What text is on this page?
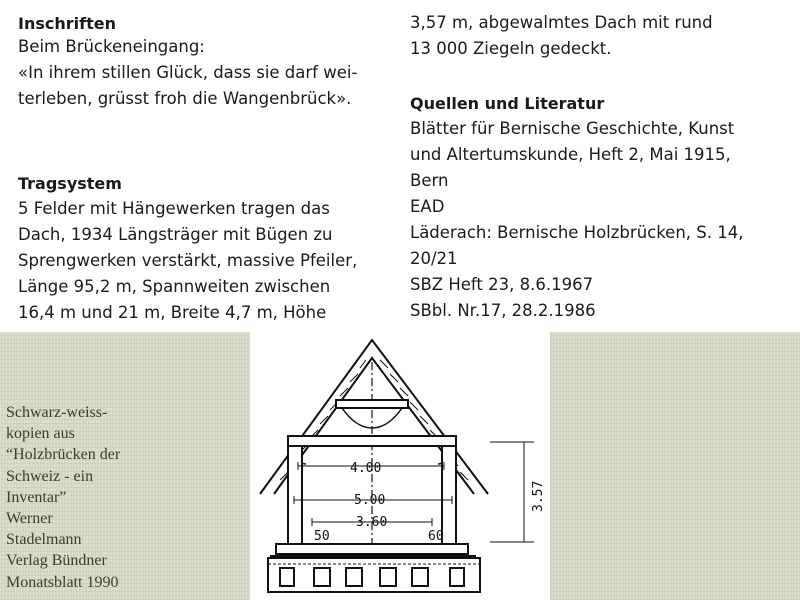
Inschriften

Beim Brückeneingang:
«In ihrem stillen Glück, dass sie darf wei-
terleben, grüsst froh die Wangenbrück».

Tragsystem

5 Felder mit Hängewerken tragen das
Dach, 1934 Längsträger mit Bügen zu
Sprengwerken verstärkt, massive Pfeiler,
Länge 95,2 m, Spannweiten zwischen
16,4 m und 21 m, Breite 4,7 m, Höhe
3,57 m, abgewalmtes Dach mit rund
13 000 Ziegeln gedeckt.

Quellen und Literatur

Blätter für Bernische Geschichte, Kunst
und Altertumskunde, Heft 2, Mai 1915,
Bern
EAD
Läderach: Bernische Holzbrücken, S. 14,
20/21
SBZ Heft 23, 8.6.1967
SBbl. Nr.17, 28.2.1986
Schwarz-weiss-
kopien aus
“Holzbrücken der
Schweiz - ein
Inventar”
Werner
Stadelmann
Verlag Bündner
Monatsblatt 1990
4.00
5.00
3.60
50	60
3.57
